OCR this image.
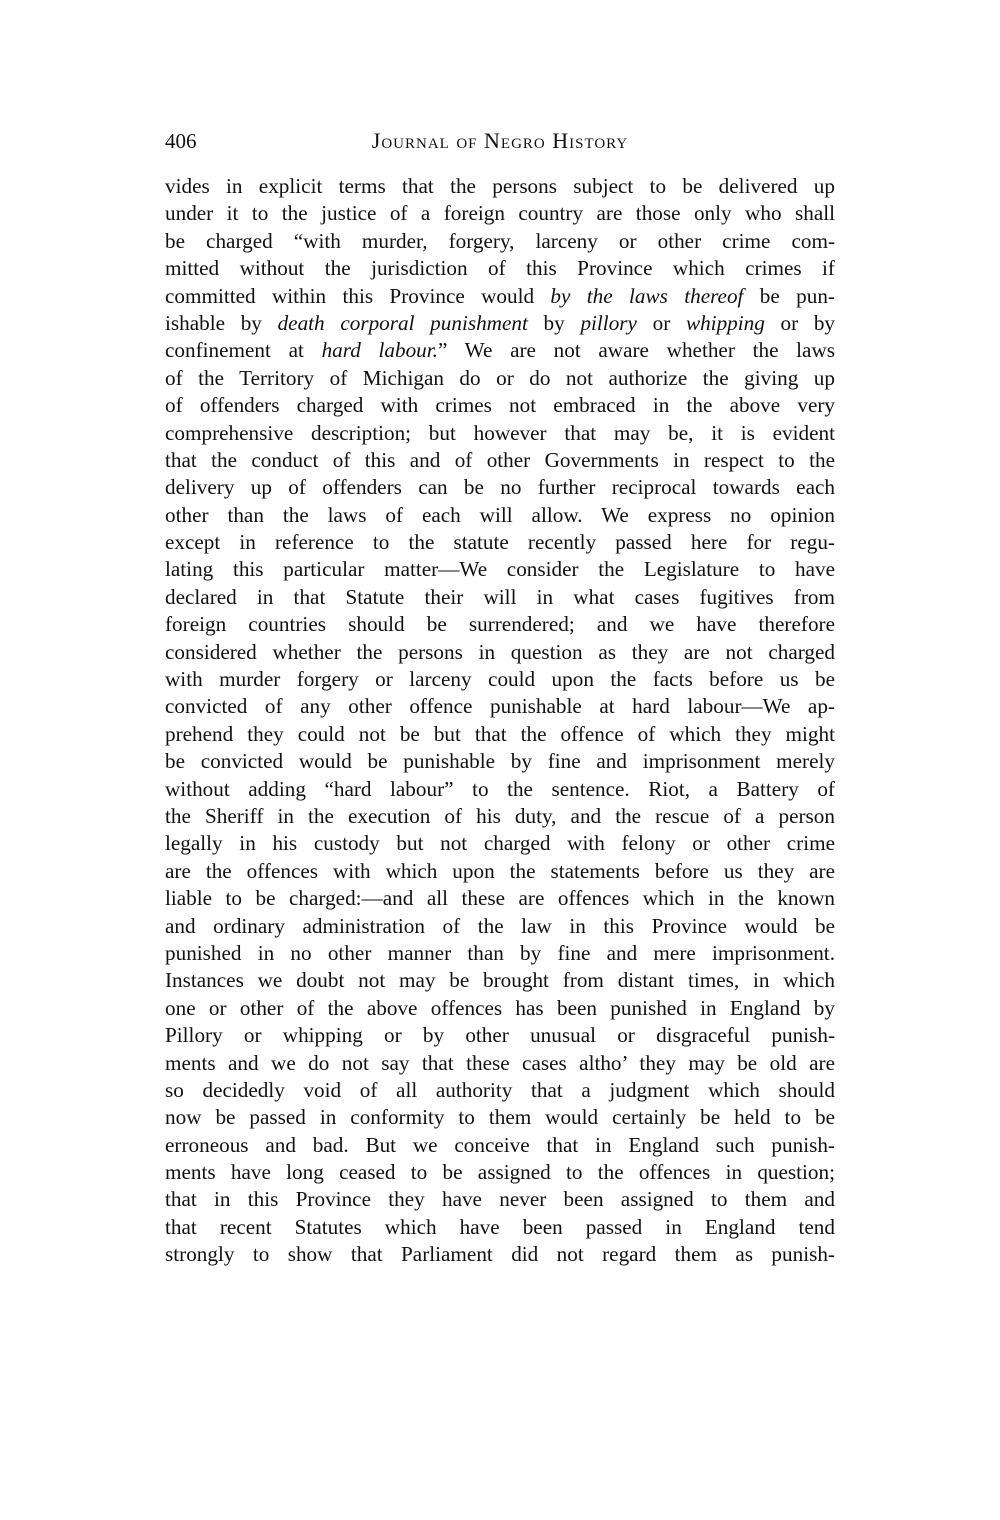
406	Journal of Negro History
vides in explicit terms that the persons subject to be delivered up
under it to the justice of a foreign country are those only who shall
be charged “with murder, forgery, larceny or other crime com-
mitted without the jurisdiction of this Province which crimes if
committed within this Province would by the laws thereof be pun-
ishable by death corporal punishment by pillory or whipping or by
confinement at hard labour.” We are not aware whether the laws
of the Territory of Michigan do or do not authorize the giving up
of offenders charged with crimes not embraced in the above very
comprehensive description; but however that may be, it is evident
that the conduct of this and of other Governments in respect to the
delivery up of offenders can be no further reciprocal towards each
other than the laws of each will allow. We express no opinion
except in reference to the statute recently passed here for regu-
lating this particular matter—We consider the Legislature to have
declared in that Statute their will in what cases fugitives from
foreign countries should be surrendered; and we have therefore
considered whether the persons in question as they are not charged
with murder forgery or larceny could upon the facts before us be
convicted of any other offence punishable at hard labour—We ap-
prehend they could not be but that the offence of which they might
be convicted would be punishable by fine and imprisonment merely
without adding “hard labour” to the sentence. Riot, a Battery of
the Sheriff in the execution of his duty, and the rescue of a person
legally in his custody but not charged with felony or other crime
are the offences with which upon the statements before us they are
liable to be charged:—and all these are offences which in the known
and ordinary administration of the law in this Province would be
punished in no other manner than by fine and mere imprisonment.
Instances we doubt not may be brought from distant times, in which
one or other of the above offences has been punished in England by
Pillory or whipping or by other unusual or disgraceful punish-
ments and we do not say that these cases altho’ they may be old are
so decidedly void of all authority that a judgment which should
now be passed in conformity to them would certainly be held to be
erroneous and bad. But we conceive that in England such punish-
ments have long ceased to be assigned to the offences in question;
that in this Province they have never been assigned to them and
that recent Statutes which have been passed in England tend
strongly to show that Parliament did not regard them as punish-
